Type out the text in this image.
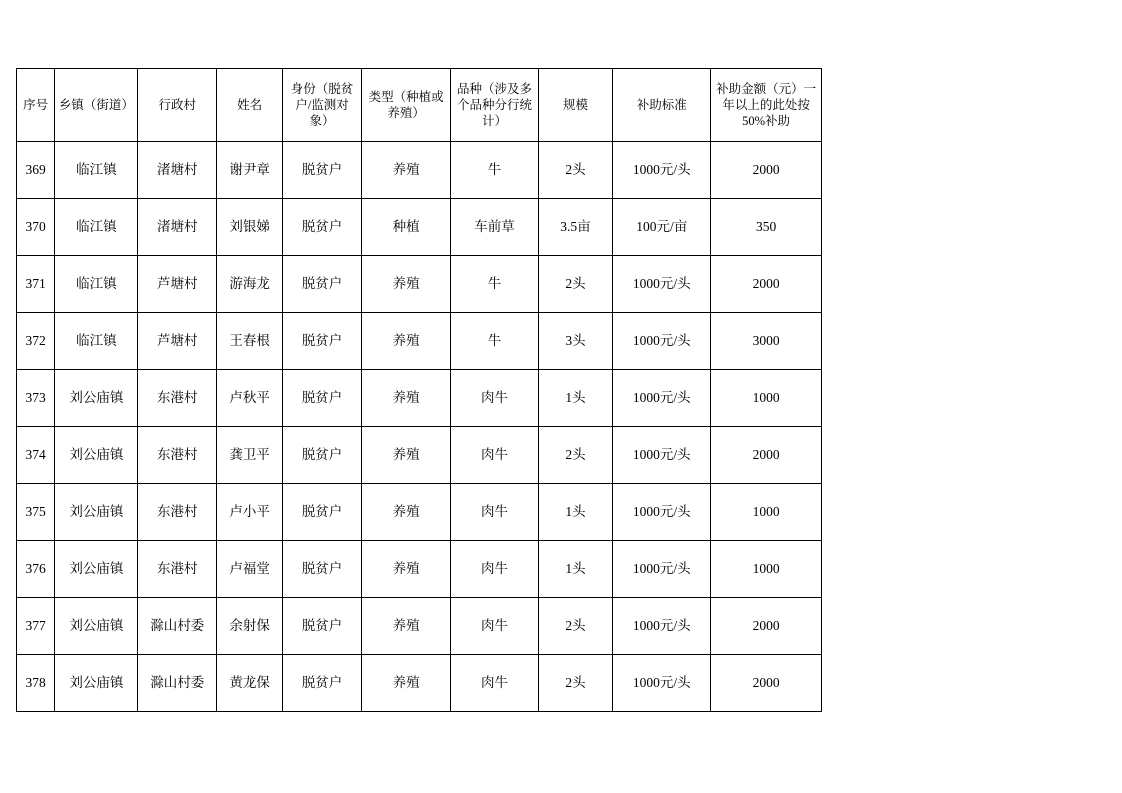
序号	乡镇（街道）	行政村	姓名	身份（脱贫户/监测对象）	类型（种植或养殖）	品种（涉及多个品种分行统计）	规模	补助标准	补助金额（元）一年以上的此处按50%补助
369	临江镇	渚塘村	谢尹章	脱贫户	养殖	牛	2头	1000元/头	2000
370	临江镇	渚塘村	刘银娣	脱贫户	种植	车前草	3.5亩	100元/亩	350
371	临江镇	芦塘村	游海龙	脱贫户	养殖	牛	2头	1000元/头	2000
372	临江镇	芦塘村	王春根	脱贫户	养殖	牛	3头	1000元/头	3000
373	刘公庙镇	东港村	卢秋平	脱贫户	养殖	肉牛	1头	1000元/头	1000
374	刘公庙镇	东港村	龚卫平	脱贫户	养殖	肉牛	2头	1000元/头	2000
375	刘公庙镇	东港村	卢小平	脱贫户	养殖	肉牛	1头	1000元/头	1000
376	刘公庙镇	东港村	卢福堂	脱贫户	养殖	肉牛	1头	1000元/头	1000
377	刘公庙镇	滁山村委	余射保	脱贫户	养殖	肉牛	2头	1000元/头	2000
378	刘公庙镇	滁山村委	黄龙保	脱贫户	养殖	肉牛	2头	1000元/头	2000
